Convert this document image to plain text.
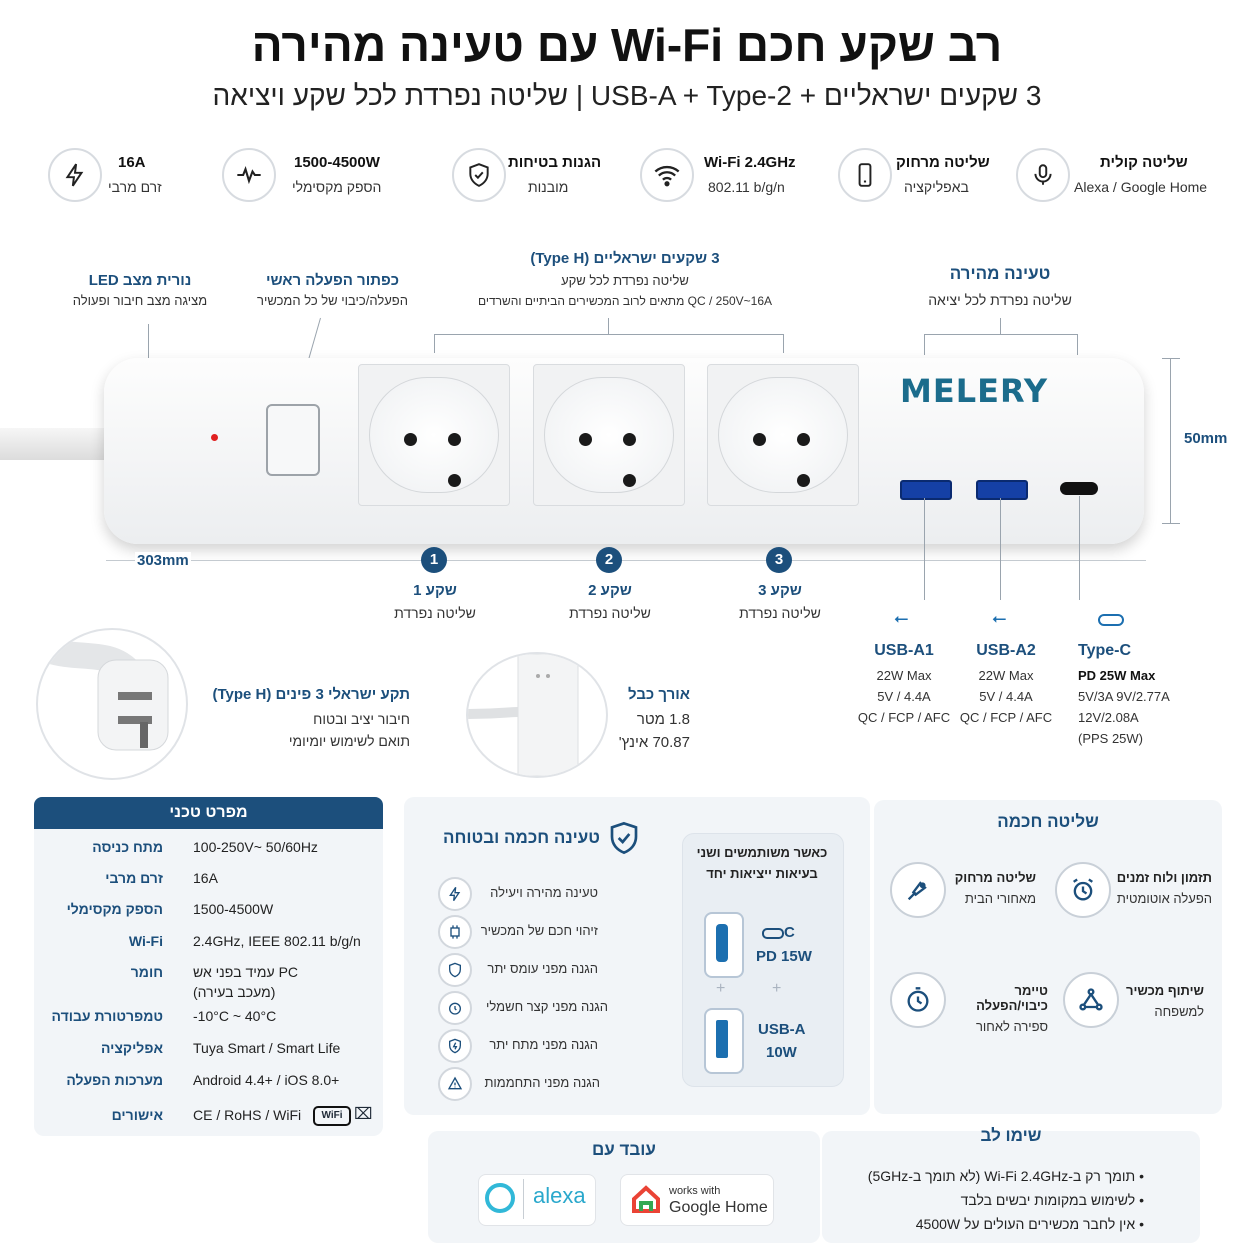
רב שקע חכם Wi-Fi עם טעינה מהירה
3 שקעים ישראליים + USB-A + Type-2 | שליטה נפרדת לכל שקע ויציאה
שליטה קולית
Alexa / Google Home
שליטה מרחוק
באפליקציה
Wi-Fi 2.4GHz
802.11 b/g/n
הגנות בטיחות
מובנות
1500-4500W
הספק מקסימלי
16A
זרם מרבי
נורית מצב LED
מציגה מצב חיבור ופעולה
כפתור הפעלה ראשי
הפעלה/כיבוי של כל המכשיר
3 שקעים ישראליים (Type H)
שליטה נפרדת לכל שקע
QC / 250V~16A מתאים לרוב המכשירים הביתיים והשרדים
טעינה מהירה
שליטה נפרדת לכל יציאה
MELERY
50mm
303mm	1
שקע 1
שליטה נפרדת
2
שקע 2
שליטה נפרדת
3
שקע 3
שליטה נפרדת	⭠	⭠
USB-A1
22W Max
5V / 4.4A
QC / FCP / AFC
USB-A2
22W Max
5V / 4.4A
QC / FCP / AFC
Type-C
PD 25W Max
5V/3A 9V/2.77A
12V/2.08A
(PPS 25W)
תקע ישראלי 3 פינים (Type H)
חיבור יציב ובטוח
תואם לשימוש יומיומי
אורך כבל
1.8 מטר
70.87 אינץ'
מפרט טכני
מתח כניסה 100-250V~ 50/60Hz
זרם מרבי 16A
הספק מקסימלי 1500-4500W
Wi-Fi 2.4GHz, IEEE 802.11 b/g/n
חומר PC עמיד בפני אש
(מעכב בעירה)
טמפרטורת עבודה -10°C ~ 40°C
אפליקציה Tuya Smart / Smart Life
מערכות הפעלה Android 4.4+ / iOS 8.0+
אישורים CE / RoHS / WiFi	WiFi ⌧
טעינה חכמה ובטוחה
טעינה מהירה ויעילה
זיהוי חכם של המכשיר
הגנה מפני עומס יתר
הגנה מפני קצר חשמלי
הגנה מפני מתח יתר
הגנה מפני התחממות
כאשר משותמשים ושני
בעיאות ייציאות יחד
C
PD 15W
+	+
USB-A
10W
שליטה חכמה
שליטה מרחוק
מאחורי הבית
תזמון ולוח זמנים
הפעלה אוטומטית
טיימר כיבוי/הפעלה
ספירה לאחור
שיתוף מכשיר
למשפחה
עובד עם
alexa	works with
Google Home
שימו לב
• תומך רק ב-Wi-Fi 2.4GHz (לא תומך ב-5GHz)
• לשימוש במקומות יבשים בלבד
• אין לחבר מכשירים העולים על 4500W
